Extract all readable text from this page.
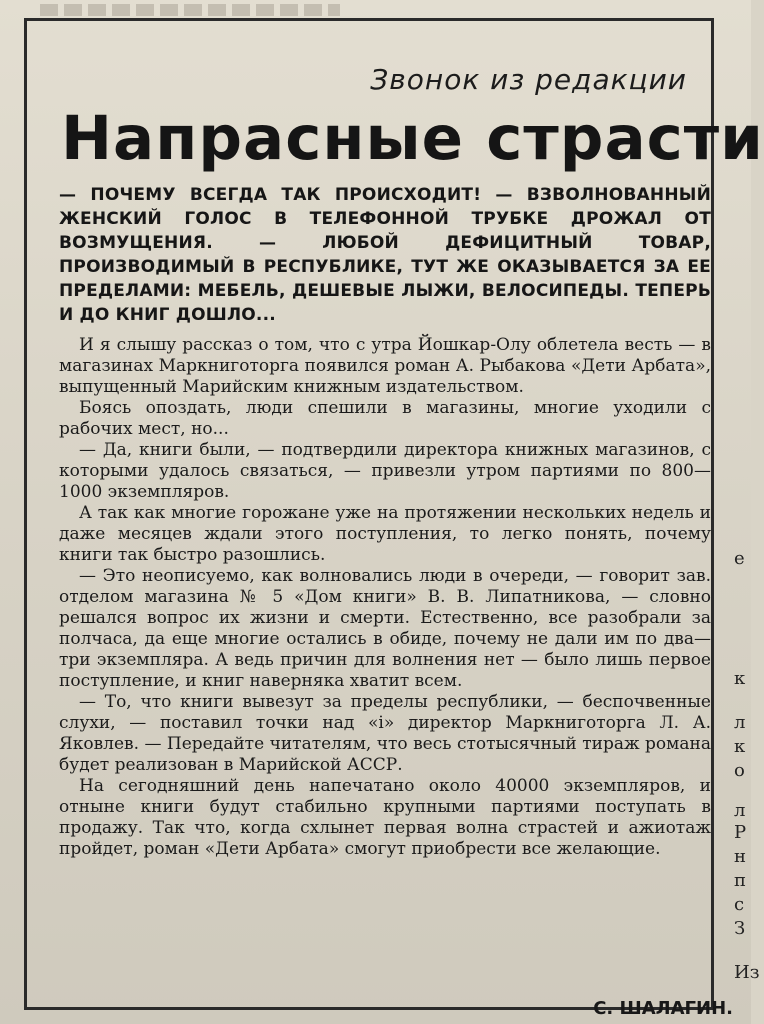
Звонок из редакции
Напрасные страсти
— ПОЧЕМУ ВСЕГДА ТАК ПРОИСХОДИТ! — ВЗВОЛНОВАННЫЙ ЖЕНСКИЙ ГОЛОС В ТЕЛЕФОННОЙ ТРУБКЕ ДРОЖАЛ ОТ ВОЗМУЩЕНИЯ. — ЛЮБОЙ ДЕФИЦИТНЫЙ ТОВАР, ПРОИЗВОДИМЫЙ В РЕСПУБЛИКЕ, ТУТ ЖЕ ОКАЗЫВАЕТСЯ ЗА ЕЕ ПРЕДЕЛАМИ: МЕБЕЛЬ, ДЕШЕВЫЕ ЛЫЖИ, ВЕЛОСИПЕДЫ. ТЕПЕРЬ И ДО КНИГ ДОШЛО...

И я слышу рассказ о том, что с утра Йошкар-Олу облетела весть — в магазинах Маркниготорга появился роман А. Рыбакова «Дети Арбата», выпущенный Марийским книжным издательством.

Боясь опоздать, люди спешили в магазины, многие уходили с рабочих мест, но...

— Да, книги были, — подтвердили директора книжных магазинов, с которыми удалось связаться, — привезли утром партиями по 800—1000 экземпляров.

А так как многие горожане уже на протяжении нескольких недель и даже месяцев ждали этого поступления, то легко понять, почему книги так быстро разошлись.

— Это неописуемо, как волновались люди в очереди, — говорит зав. отделом магазина № 5 «Дом книги» В. В. Липатникова, — словно решался вопрос их жизни и смерти. Естественно, все разобрали за полчаса, да еще многие остались в обиде, почему не дали им по два—три экземпляра. А ведь причин для волнения нет — было лишь первое поступление, и книг наверняка хватит всем.

— То, что книги вывезут за пределы республики, — беспочвенные слухи, — поставил точки над «i» директор Маркниготорга Л. А. Яковлев. — Передайте читателям, что весь стотысячный тираж романа будет реализован в Марийской АССР.

На сегодняшний день напечатано около 40000 экземпляров, и отныне книги будут стабильно крупными партиями поступать в продажу. Так что, когда схлынет первая волна страстей и ажиотаж пройдет, роман «Дети Арбата» смогут приобрести все желающие.

С. ШАЛАГИН.
е
к
л
к
о
л
Р
н
п
с
З
Из
